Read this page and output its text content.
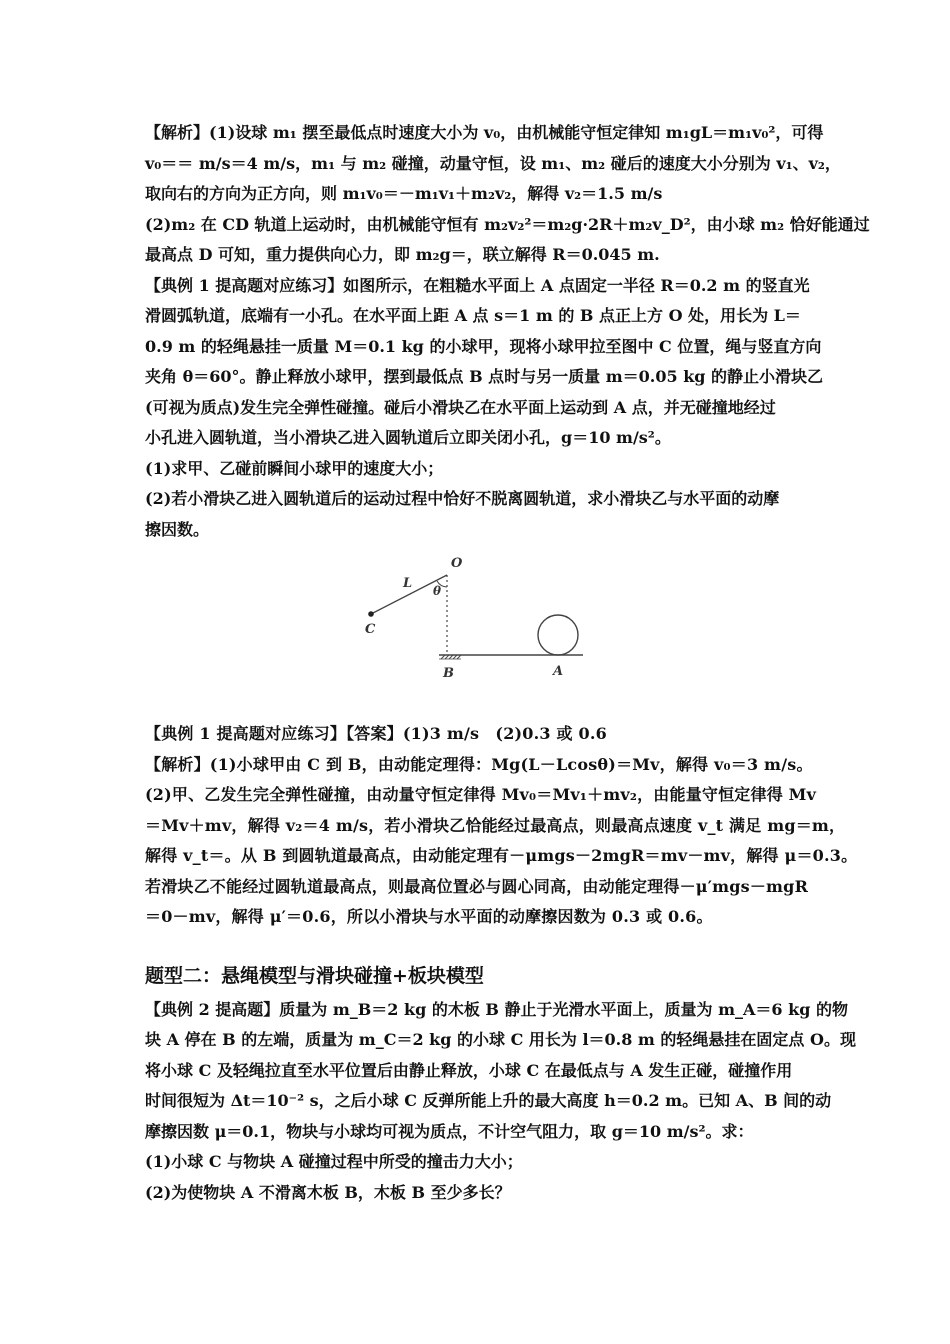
【解析】(1)设球 m₁ 摆至最低点时速度大小为 v₀，由机械能守恒定律知 m₁gL＝m₁v₀²，可得

v₀＝＝ m/s＝4 m/s，m₁ 与 m₂ 碰撞，动量守恒，设 m₁、m₂ 碰后的速度大小分别为 v₁、v₂，

取向右的方向为正方向，则 m₁v₀＝－m₁v₁＋m₂v₂，解得 v₂＝1.5 m/s

(2)m₂ 在 CD 轨道上运动时，由机械能守恒有 m₂v₂²＝m₂g·2R＋m₂v_D²，由小球 m₂ 恰好能通过

最高点 D 可知，重力提供向心力，即 m₂g＝，联立解得 R＝0.045 m.

【典例 1 提高题对应练习】如图所示，在粗糙水平面上 A 点固定一半径 R＝0.2 m 的竖直光

滑圆弧轨道，底端有一小孔。在水平面上距 A 点 s＝1 m 的 B 点正上方 O 处，用长为 L＝

0.9 m 的轻绳悬挂一质量 M＝0.1 kg 的小球甲，现将小球甲拉至图中 C 位置，绳与竖直方向

夹角 θ＝60°。静止释放小球甲，摆到最低点 B 点时与另一质量 m＝0.05 kg 的静止小滑块乙

(可视为质点)发生完全弹性碰撞。碰后小滑块乙在水平面上运动到 A 点，并无碰撞地经过

小孔进入圆轨道，当小滑块乙进入圆轨道后立即关闭小孔，g＝10 m/s²。

(1)求甲、乙碰前瞬间小球甲的速度大小；

(2)若小滑块乙进入圆轨道后的运动过程中恰好不脱离圆轨道，求小滑块乙与水平面的动摩

擦因数。

O
L θ
C
B	A

【典例 1 提高题对应练习】【答案】(1)3 m/s　(2)0.3 或 0.6

【解析】(1)小球甲由 C 到 B，由动能定理得：Mg(L－Lcosθ)＝Mv，解得 v₀＝3 m/s。

(2)甲、乙发生完全弹性碰撞，由动量守恒定律得 Mv₀＝Mv₁＋mv₂，由能量守恒定律得 Mv

＝Mv＋mv，解得 v₂＝4 m/s，若小滑块乙恰能经过最高点，则最高点速度 v_t 满足 mg＝m，

解得 v_t＝。从 B 到圆轨道最高点，由动能定理有－μmgs－2mgR＝mv－mv，解得 μ＝0.3。

若滑块乙不能经过圆轨道最高点，则最高位置必与圆心同高，由动能定理得－μ′mgs－mgR

＝0－mv，解得 μ′＝0.6，所以小滑块与水平面的动摩擦因数为 0.3 或 0.6。

题型二：悬绳模型与滑块碰撞+板块模型

【典例 2 提高题】质量为 m_B＝2 kg 的木板 B 静止于光滑水平面上，质量为 m_A＝6 kg 的物

块 A 停在 B 的左端，质量为 m_C＝2 kg 的小球 C 用长为 l＝0.8 m 的轻绳悬挂在固定点 O。现

将小球 C 及轻绳拉直至水平位置后由静止释放，小球 C 在最低点与 A 发生正碰，碰撞作用

时间很短为 Δt＝10⁻² s，之后小球 C 反弹所能上升的最大高度 h＝0.2 m。已知 A、B 间的动

摩擦因数 μ＝0.1，物块与小球均可视为质点，不计空气阻力，取 g＝10 m/s²。求：

(1)小球 C 与物块 A 碰撞过程中所受的撞击力大小；

(2)为使物块 A 不滑离木板 B，木板 B 至少多长？
